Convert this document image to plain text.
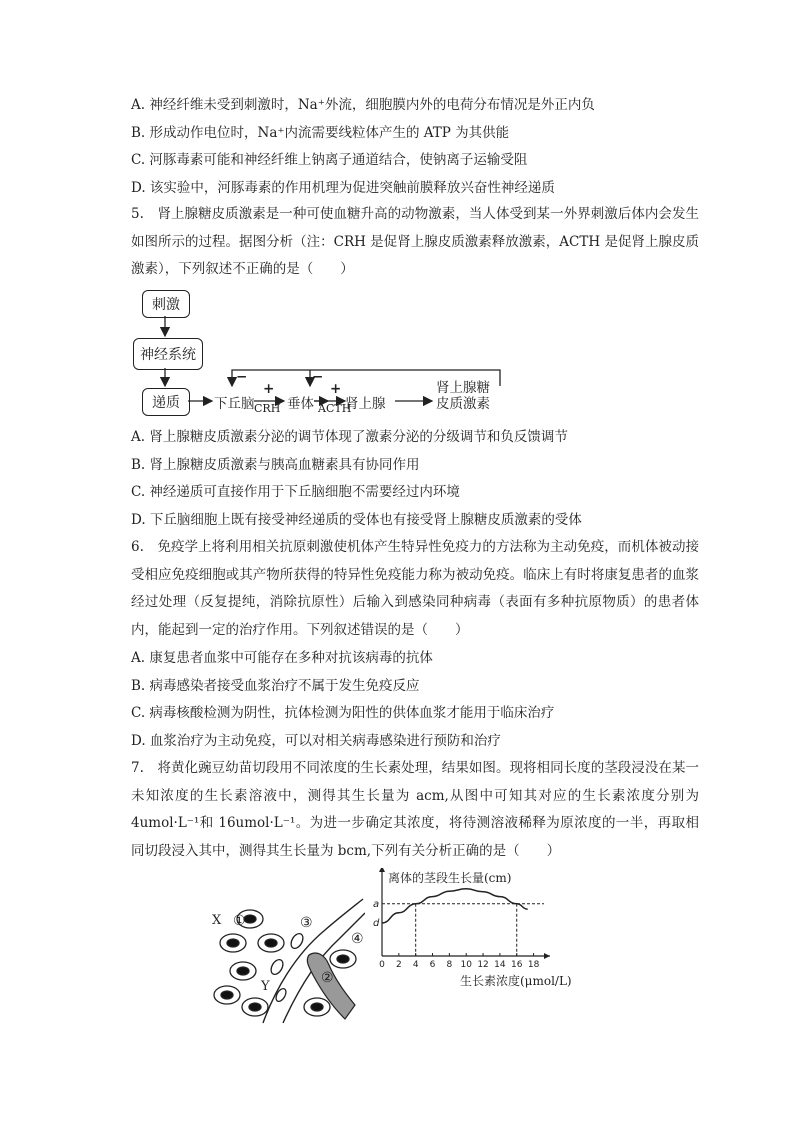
A. 神经纤维未受到刺激时，Na⁺外流，细胞膜内外的电荷分布情况是外正内负
B. 形成动作电位时，Na⁺内流需要线粒体产生的 ATP 为其供能
C. 河豚毒素可能和神经纤维上钠离子通道结合，使钠离子运输受阻
D. 该实验中，河豚毒素的作用机理为促进突触前膜释放兴奋性神经递质
5.　肾上腺糖皮质激素是一种可使血糖升高的动物激素，当人体受到某一外界刺激后体内会发生如图所示的过程。据图分析（注：CRH 是促肾上腺皮质激素释放激素，ACTH 是促肾上腺皮质激素），下列叙述不正确的是（　　）
刺激
神经系统
递质	下丘脑 垂体 肾上腺
肾上腺糖
皮质激素
CRH	ACTH
+	+
−	−
A. 肾上腺糖皮质激素分泌的调节体现了激素分泌的分级调节和负反馈调节
B. 肾上腺糖皮质激素与胰高血糖素具有协同作用
C. 神经递质可直接作用于下丘脑细胞不需要经过内环境
D. 下丘脑细胞上既有接受神经递质的受体也有接受肾上腺糖皮质激素的受体
6.　免疫学上将利用相关抗原刺激使机体产生特异性免疫力的方法称为主动免疫，而机体被动接受相应免疫细胞或其产物所获得的特异性免疫能力称为被动免疫。临床上有时将康复患者的血浆经过处理（反复提纯，消除抗原性）后输入到感染同种病毒（表面有多种抗原物质）的患者体内，能起到一定的治疗作用。下列叙述错误的是（　　）
A. 康复患者血浆中可能存在多种对抗该病毒的抗体
B. 病毒感染者接受血浆治疗不属于发生免疫反应
C. 病毒核酸检测为阴性，抗体检测为阳性的供体血浆才能用于临床治疗
D. 血浆治疗为主动免疫，可以对相关病毒感染进行预防和治疗
7.　将黄化豌豆幼苗切段用不同浓度的生长素处理，结果如图。现将相同长度的茎段浸没在某一未知浓度的生长素溶液中，测得其生长量为 acm,从图中可知其对应的生长素浓度分别为 4umol·L⁻¹和 16umol·L⁻¹。为进一步确定其浓度，将待测溶液稀释为原浓度的一半，再取相同切段浸入其中，测得其生长量为 bcm,下列有关分析正确的是（　　）
X ①	③
④
②
Y
0 2 4 6 8 10 12 14 16 18
a
d
离体的茎段生长量(cm)
生长素浓度(μmol/L)
